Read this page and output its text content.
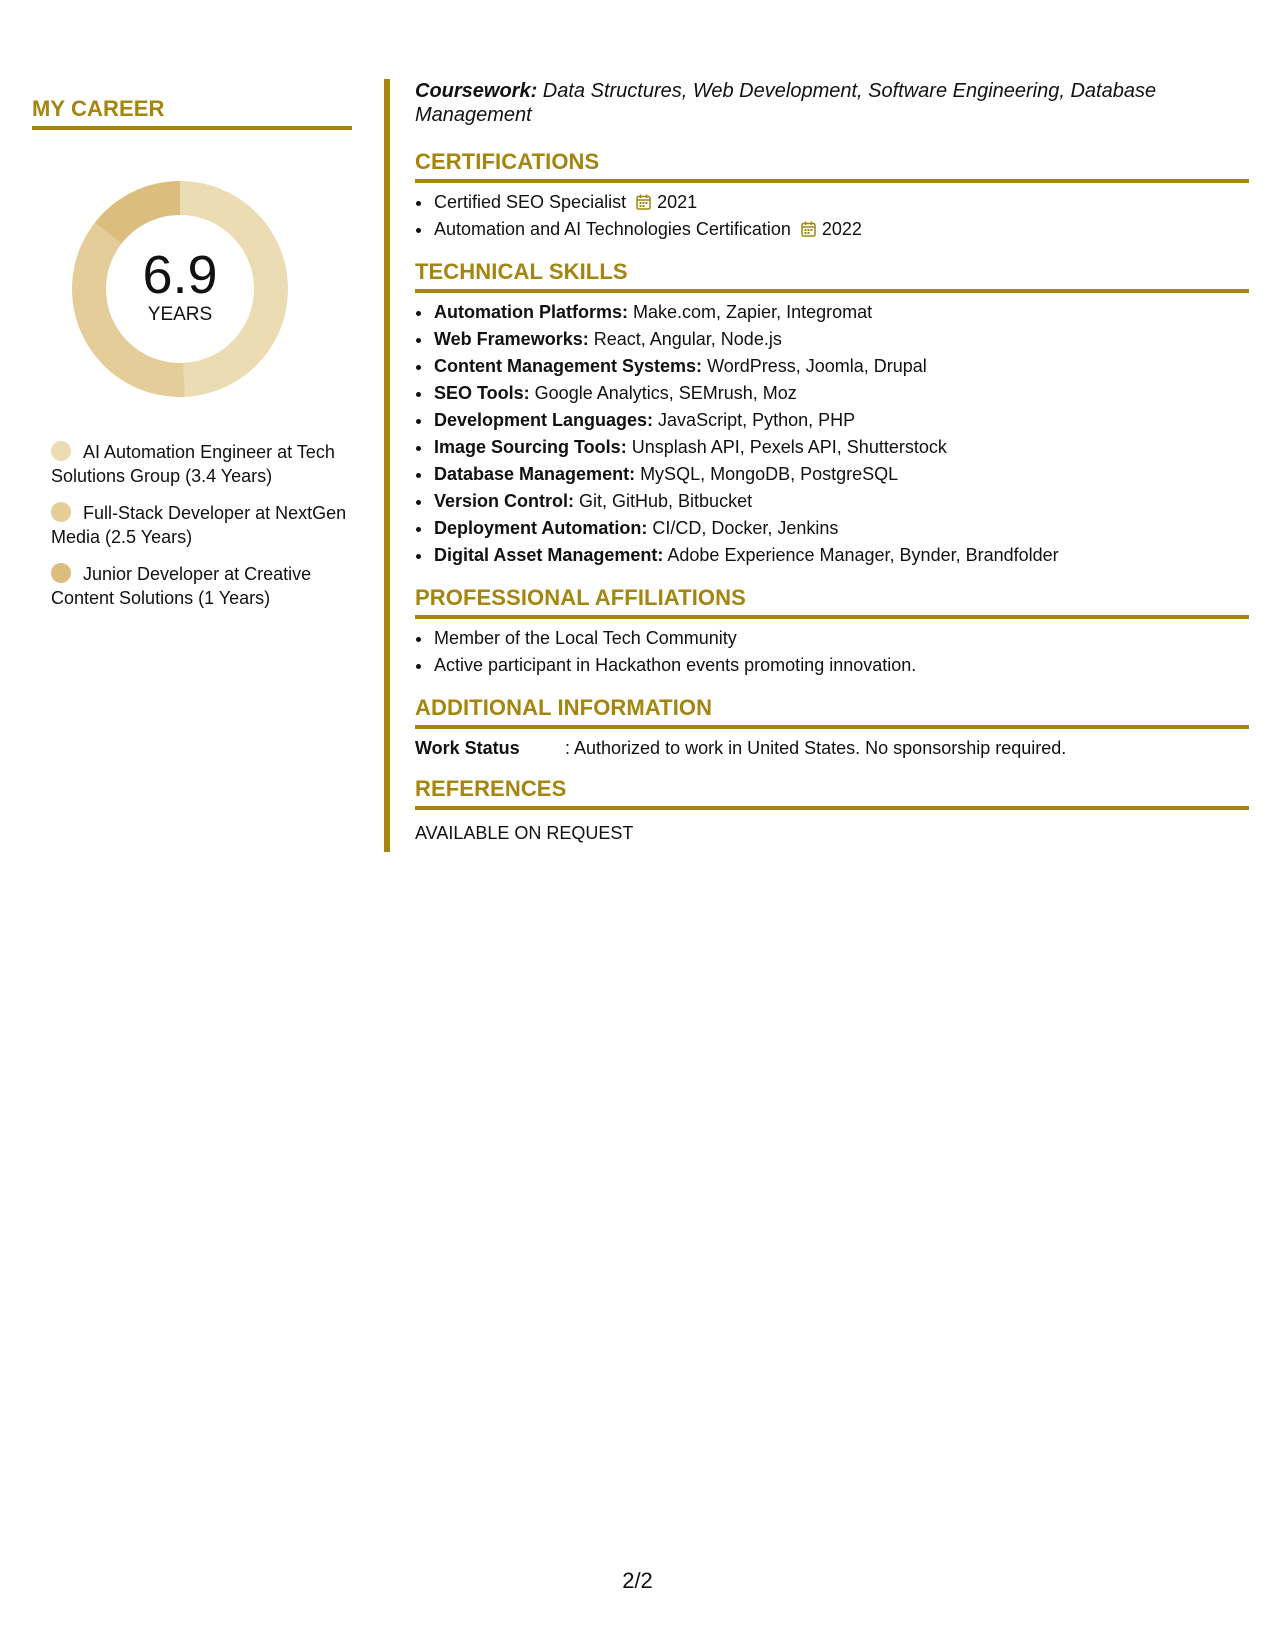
MY CAREER
6.9
YEARS
AI Automation Engineer at Tech Solutions Group (3.4 Years)
Full-Stack Developer at NextGen Media (2.5 Years)
Junior Developer at Creative Content Solutions (1 Years)
Coursework: Data Structures, Web Development, Software Engineering, Database Management
CERTIFICATIONS
• Certified SEO Specialist 2021
• Automation and AI Technologies Certification 2022
TECHNICAL SKILLS
• Automation Platforms: Make.com, Zapier, Integromat
• Web Frameworks: React, Angular, Node.js
• Content Management Systems: WordPress, Joomla, Drupal
• SEO Tools: Google Analytics, SEMrush, Moz
• Development Languages: JavaScript, Python, PHP
• Image Sourcing Tools: Unsplash API, Pexels API, Shutterstock
• Database Management: MySQL, MongoDB, PostgreSQL
• Version Control: Git, GitHub, Bitbucket
• Deployment Automation: CI/CD, Docker, Jenkins
• Digital Asset Management: Adobe Experience Manager, Bynder, Brandfolder
PROFESSIONAL AFFILIATIONS
• Member of the Local Tech Community
• Active participant in Hackathon events promoting innovation.
ADDITIONAL INFORMATION
Work Status	: Authorized to work in United States. No sponsorship required.
REFERENCES
AVAILABLE ON REQUEST
2/2
